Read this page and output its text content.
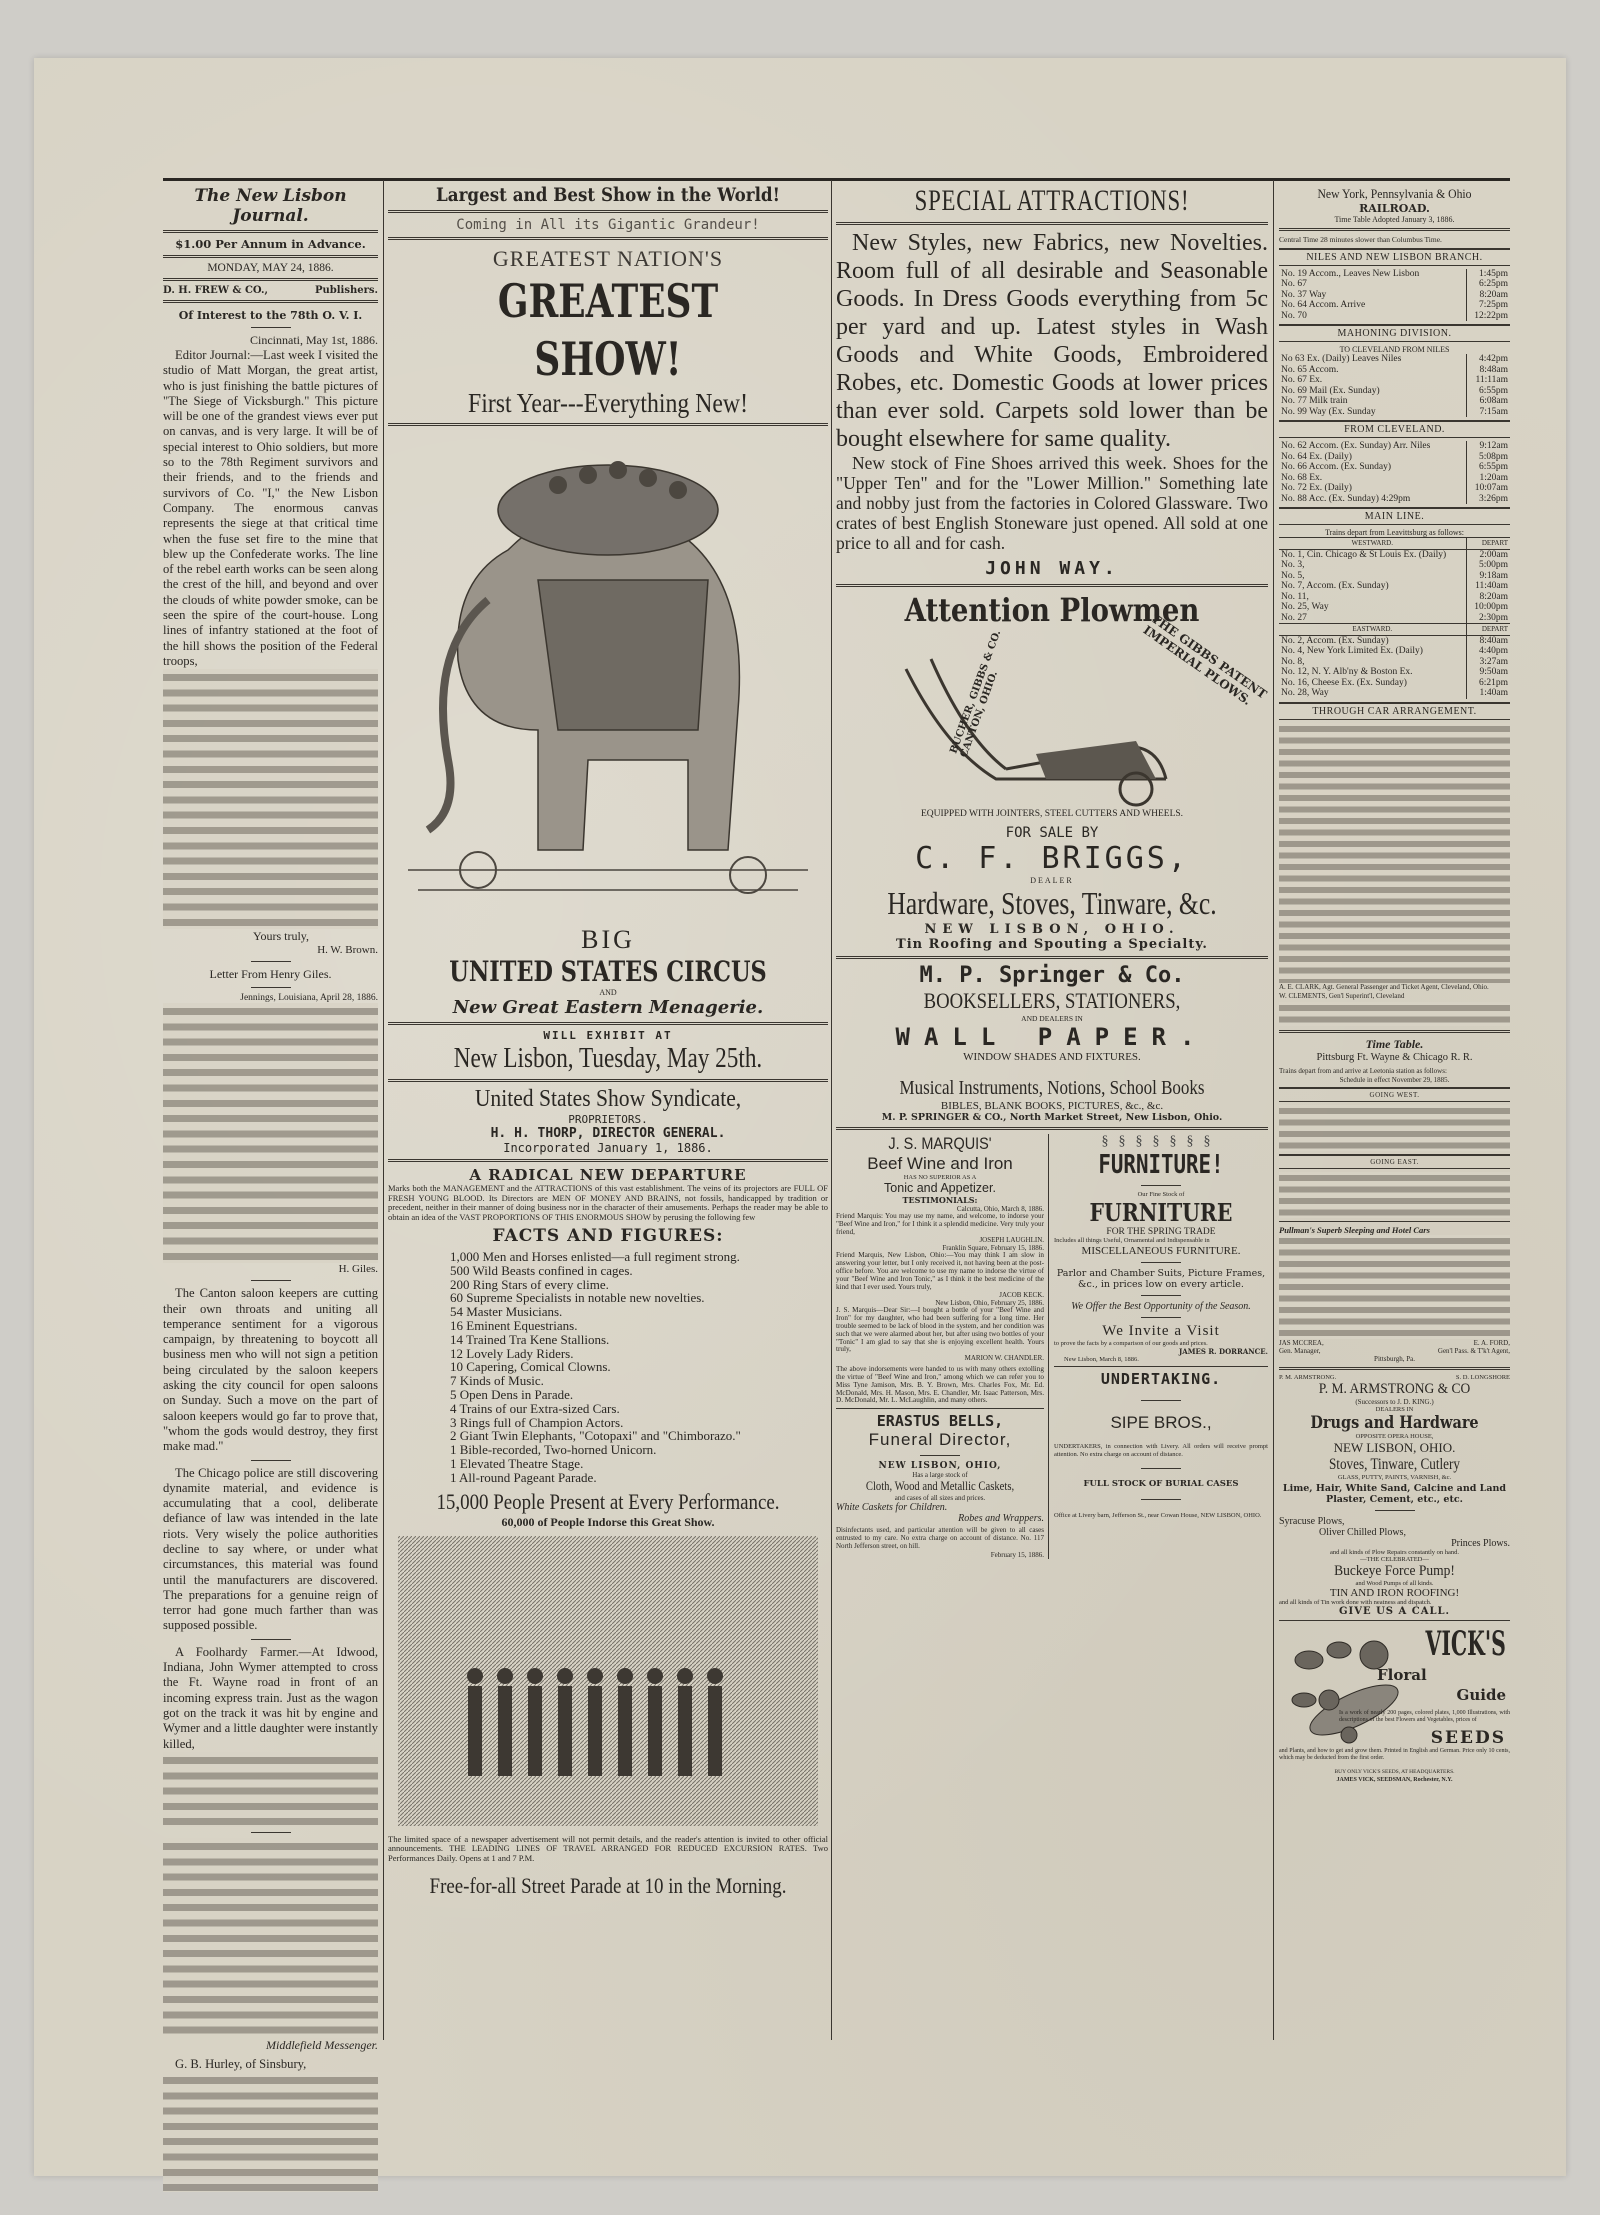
The New Lisbon Journal.
$1.00 Per Annum in Advance.
MONDAY, MAY 24, 1886.
D. H. FREW & CO.,	Publishers.
Of Interest to the 78th O. V. I.
Cincinnati, May 1st, 1886.
Editor Journal:—Last week I visited the studio of Matt Morgan, the great artist, who is just finishing the battle pictures of "The Siege of Vicksburgh." This picture will be one of the grandest views ever put on canvas, and is very large. It will be of special interest to Ohio soldiers, but more so to the 78th Regiment survivors and their friends, and to the friends and survivors of Co. "I," the New Lisbon Company. The enormous canvas represents the siege at that critical time when the fuse set fire to the mine that blew up the Confederate works. The line of the rebel earth works can be seen along the crest of the hill, and beyond and over the clouds of white powder smoke, can be seen the spire of the court-house. Long lines of infantry stationed at the foot of the hill shows the position of the Federal troops,
Yours truly,
H. W. Brown.
Letter From Henry Giles.
Jennings, Louisiana, April 28, 1886.
H. Giles.
The Canton saloon keepers are cutting their own throats and uniting all temperance sentiment for a vigorous campaign, by threatening to boycott all business men who will not sign a petition being circulated by the saloon keepers asking the city council for open saloons on Sunday. Such a move on the part of saloon keepers would go far to prove that, "whom the gods would destroy, they first make mad."
The Chicago police are still discovering dynamite material, and evidence is accumulating that a cool, deliberate defiance of law was intended in the late riots. Very wisely the police authorities decline to say where, or under what circumstances, this material was found until the manufacturers are discovered. The preparations for a genuine reign of terror had gone much farther than was supposed possible.
A Foolhardy Farmer.—At Idwood, Indiana, John Wymer attempted to cross the Ft. Wayne road in front of an incoming express train. Just as the wagon got on the track it was hit by engine and Wymer and a little daughter were instantly killed,
Middlefield Messenger.
G. B. Hurley, of Sinsbury,
Largest and Best Show in the World!
Coming in All its Gigantic Grandeur!
GREATEST NATION'S
GREATEST SHOW!
First Year---Everything New!
BIG
UNITED STATES CIRCUS
AND
New Great Eastern Menagerie.
WILL EXHIBIT AT
New Lisbon, Tuesday, May 25th.
United States Show Syndicate,
PROPRIETORS.
H. H. THORP, DIRECTOR GENERAL.
Incorporated January 1, 1886.
A RADICAL NEW DEPARTURE
Marks both the MANAGEMENT and the ATTRACTIONS of this vast establishment. The veins of its projectors are FULL OF FRESH YOUNG BLOOD. Its Directors are MEN OF MONEY AND BRAINS, not fossils, handicapped by tradition or precedent, neither in their manner of doing business nor in the character of their amusements. Perhaps the reader may be able to obtain an idea of the VAST PROPORTIONS OF THIS ENORMOUS SHOW by perusing the following few
FACTS AND FIGURES:
1,000 Men and Horses enlisted—a full regiment strong.
500 Wild Beasts confined in cages.
200 Ring Stars of every clime.
60 Supreme Specialists in notable new novelties.
54 Master Musicians.
16 Eminent Equestrians.
14 Trained Tra Kene Stallions.
12 Lovely Lady Riders.
10 Capering, Comical Clowns.
7 Kinds of Music.
5 Open Dens in Parade.
4 Trains of our Extra-sized Cars.
3 Rings full of Champion Actors.
2 Giant Twin Elephants, "Cotopaxi" and "Chimborazo."
1 Bible-recorded, Two-horned Unicorn.
1 Elevated Theatre Stage.
1 All-round Pageant Parade.
15,000 People Present at Every Performance.
60,000 of People Indorse this Great Show.
The limited space of a newspaper advertisement will not permit details, and the reader's attention is invited to other official announcements. THE LEADING LINES OF TRAVEL ARRANGED FOR REDUCED EXCURSION RATES. Two Performances Daily. Opens at 1 and 7 P.M.
Free-for-all Street Parade at 10 in the Morning.
SPECIAL ATTRACTIONS!
New Styles, new Fabrics, new Novelties. Room full of all desirable and Seasonable Goods. In Dress Goods everything from 5c per yard and up. Latest styles in Wash Goods and White Goods, Embroidered Robes, etc. Domestic Goods at lower prices than ever sold. Carpets sold lower than be bought elsewhere for same quality.
New stock of Fine Shoes arrived this week. Shoes for the "Upper Ten" and for the "Lower Million." Something late and nobby just from the factories in Colored Glassware. Two crates of best English Stoneware just opened. All sold at one price to all and for cash.
JOHN WAY.
Attention Plowmen
THE GIBBS PATENT IMPERIAL PLOWS.
BUCHER, GIBBS & CO. CANTON, OHIO.
EQUIPPED WITH JOINTERS, STEEL CUTTERS AND WHEELS.
FOR SALE BY
C. F. BRIGGS,
DEALER
Hardware, Stoves, Tinware, &c.
NEW LISBON, OHIO.
Tin Roofing and Spouting a Specialty.
M. P. Springer & Co.
BOOKSELLERS, STATIONERS,
AND DEALERS IN
WALL PAPER.
WINDOW SHADES AND FIXTURES.
Musical Instruments, Notions, School Books
BIBLES, BLANK BOOKS, PICTURES, &c., &c.
M. P. SPRINGER & CO., North Market Street, New Lisbon, Ohio.
J. S. MARQUIS'
Beef Wine and Iron
HAS NO SUPERIOR AS A
Tonic and Appetizer.
TESTIMONIALS:
Calcutta, Ohio, March 8, 1886.
Friend Marquis: You may use my name, and welcome, to indorse your "Beef Wine and Iron," for I think it a splendid medicine. Very truly your friend,
JOSEPH LAUGHLIN.
Franklin Square, February 15, 1886.
Friend Marquis, New Lisbon, Ohio:—You may think I am slow in answering your letter, but I only received it, not having been at the post-office before. You are welcome to use my name to indorse the virtue of your "Beef Wine and Iron Tonic," as I think it the best medicine of the kind that I ever used. Yours truly,
JACOB KECK.
New Lisbon, Ohio, February 25, 1886.
J. S. Marquis—Dear Sir:—I bought a bottle of your "Beef Wine and Iron" for my daughter, who had been suffering for a long time. Her trouble seemed to be lack of blood in the system, and her condition was such that we were alarmed about her, but after using two bottles of your "Tonic" I am glad to say that she is enjoying excellent health. Yours truly,
MARION W. CHANDLER.
The above indorsements were handed to us with many others extolling the virtue of "Beef Wine and Iron," among which we can refer you to Miss Tyne Jamison, Mrs. B. Y. Brown, Mrs. Charles Fox, Mr. Ed. McDonald, Mrs. H. Mason, Mrs. E. Chandler, Mr. Isaac Patterson, Mrs. D. McDonald, Mr. L. McLaughlin, and many others.
ERASTUS BELLS,
Funeral Director,
NEW LISBON, OHIO,
Has a large stock of
Cloth, Wood and Metallic Caskets,
and cases of all sizes and prices.
White Caskets for Children.
Robes and Wrappers.
Disinfectants used, and particular attention will be given to all cases entrusted to my care. No extra charge on account of distance. No. 117 North Jefferson street, on hill.
February 15, 1886.
§§§§§§§
FURNITURE!
Our Fine Stock of
FURNITURE
FOR THE SPRING TRADE
Includes all things Useful, Ornamental and Indispensable in
MISCELLANEOUS FURNITURE.
Parlor and Chamber Suits, Picture Frames, &c., in prices low on every article.
We Offer the Best Opportunity of the Season.
We Invite a Visit
to prove the facts by a comparison of our goods and prices.
JAMES R. DORRANCE.
New Lisbon, March 8, 1886.
UNDERTAKING.
SIPE BROS.,
UNDERTAKERS, in connection with Livery. All orders will receive prompt attention. No extra charge on account of distance.
FULL STOCK OF BURIAL CASES
Office at Livery barn, Jefferson St., near Cowan House, NEW LISBON, OHIO.
New York, Pennsylvania & Ohio
RAILROAD.
Time Table Adopted January 3, 1886.
Central Time 28 minutes slower than Columbus Time.
NILES AND NEW LISBON BRANCH.
No. 19 Accom., Leaves New Lisbon	1:45pm
No. 67	6:25pm
No. 37 Way	8:20am
No. 64 Accom. Arrive	7:25pm
No. 70	12:22pm
MAHONING DIVISION.
TO CLEVELAND FROM NILES
No 63 Ex. (Daily) Leaves Niles	4:42pm
No. 65 Accom.	8:48am
No. 67 Ex.	11:11am
No. 69 Mail (Ex. Sunday)	6:55pm
No. 77 Milk train	6:08am
No. 99 Way (Ex. Sunday	7:15am
FROM CLEVELAND.
No. 62 Accom. (Ex. Sunday) Arr. Niles	9:12am
No. 64 Ex. (Daily)	5:08pm
No. 66 Accom. (Ex. Sunday)	6:55pm
No. 68 Ex.	1:20am
No. 72 Ex. (Daily)	10:07am
No. 88 Acc. (Ex. Sunday) 4:29pm	3:26pm
MAIN LINE.
Trains depart from Leavittsburg as follows:
WESTWARD.	DEPART
No. 1, Cin. Chicago & St Louis Ex. (Daily)	2:00am
No. 3,	5:00pm
No. 5,	9:18am
No. 7, Accom. (Ex. Sunday)	11:40am
No. 11,	8:20am
No. 25, Way	10:00pm
No. 27	2:30pm
EASTWARD.	DEPART
No. 2, Accom. (Ex. Sunday)	8:40am
No. 4, New York Limited Ex. (Daily)	4:40pm
No. 8,	3:27am
No. 12, N. Y. Alb'ny & Boston Ex.	9:50am
No. 16, Cheese Ex. (Ex. Sunday)	6:21pm
No. 28, Way	1:40am
THROUGH CAR ARRANGEMENT.
A. E. CLARK, Agt. General Passenger and Ticket Agent, Cleveland, Ohio.
W. CLEMENTS, Gen'l Superint'l, Cleveland
Time Table.
Pittsburg Ft. Wayne & Chicago R. R.
Trains depart from and arrive at Leetonia station as follows:
Schedule in effect November 29, 1885.
GOING WEST.
GOING EAST.
Pullman's Superb Sleeping and Hotel Cars
JAS MCCREA,	E. A. FORD,
Gen. Manager,	Gen'l Pass. & T'k't Agent,
Pittsburgh, Pa.
P. M. ARMSTRONG.	S. D. LONGSHORE
P. M. ARMSTRONG & CO
(Successors to J. D. KING.)
DEALERS IN
Drugs and Hardware
OPPOSITE OPERA HOUSE,
NEW LISBON, OHIO.
Stoves, Tinware, Cutlery
GLASS, PUTTY, PAINTS, VARNISH, &c.
Lime, Hair, White Sand, Calcine and Land Plaster, Cement, etc., etc.
Syracuse Plows,
Oliver Chilled Plows,
Princes Plows.
and all kinds of Plow Repairs constantly on hand.
—THE CELEBRATED—
Buckeye Force Pump!
and Wood Pumps of all kinds.
TIN AND IRON ROOFING!
and all kinds of Tin work done with neatness and dispatch.
GIVE US A CALL.
VICK'S
Floral
Guide
Is a work of nearly 200 pages, colored plates, 1,000 Illustrations, with descriptions of the best Flowers and Vegetables, prices of
SEEDS
and Plants, and how to get and grow them. Printed in English and German. Price only 10 cents, which may be deducted from the first order.
BUY ONLY VICK'S SEEDS, AT HEADQUARTERS.
JAMES VICK, SEEDSMAN, Rochester, N.Y.
